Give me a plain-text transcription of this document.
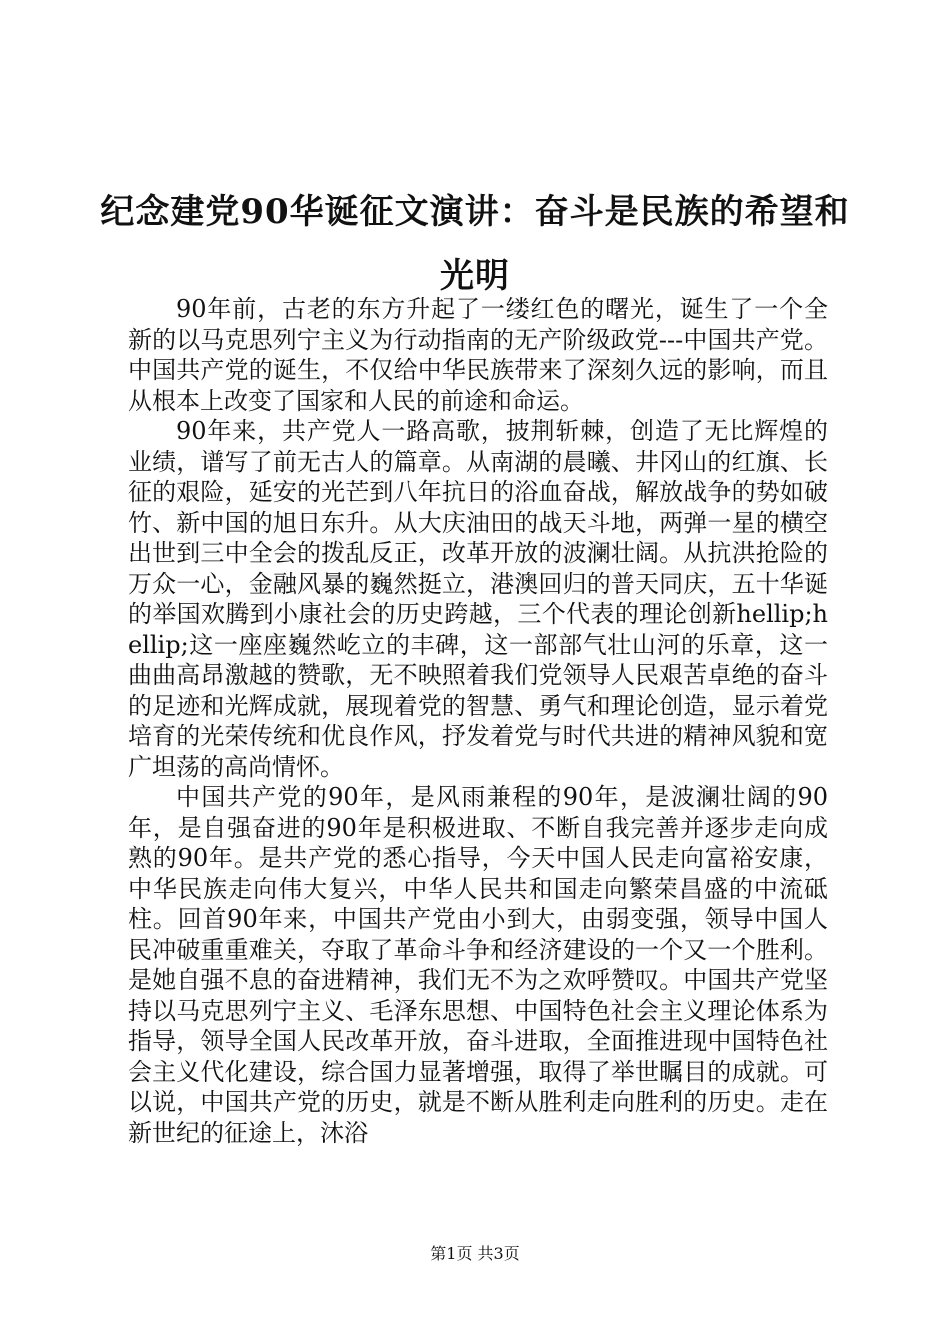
纪念建党90华诞征文演讲：奋斗是民族的希望和光明

90年前，古老的东方升起了一缕红色的曙光，诞生了一个全新的以马克思列宁主义为行动指南的无产阶级政党---中国共产党。中国共产党的诞生，不仅给中华民族带来了深刻久远的影响，而且从根本上改变了国家和人民的前途和命运。

90年来，共产党人一路高歌，披荆斩棘，创造了无比辉煌的业绩，谱写了前无古人的篇章。从南湖的晨曦、井冈山的红旗、长征的艰险，延安的光芒到八年抗日的浴血奋战，解放战争的势如破竹、新中国的旭日东升。从大庆油田的战天斗地，两弹一星的横空出世到三中全会的拨乱反正，改革开放的波澜壮阔。从抗洪抢险的万众一心，金融风暴的巍然挺立，港澳回归的普天同庆，五十华诞的举国欢腾到小康社会的历史跨越，三个代表的理论创新hellip;hellip;这一座座巍然屹立的丰碑，这一部部气壮山河的乐章，这一曲曲高昂激越的赞歌，无不映照着我们党领导人民艰苦卓绝的奋斗的足迹和光辉成就，展现着党的智慧、勇气和理论创造，显示着党培育的光荣传统和优良作风，抒发着党与时代共进的精神风貌和宽广坦荡的高尚情怀。

中国共产党的90年，是风雨兼程的90年，是波澜壮阔的90年，是自强奋进的90年是积极进取、不断自我完善并逐步走向成熟的90年。是共产党的悉心指导，今天中国人民走向富裕安康，中华民族走向伟大复兴，中华人民共和国走向繁荣昌盛的中流砥柱。回首90年来，中国共产党由小到大，由弱变强，领导中国人民冲破重重难关，夺取了革命斗争和经济建设的一个又一个胜利。是她自强不息的奋进精神，我们无不为之欢呼赞叹。中国共产党坚持以马克思列宁主义、毛泽东思想、中国特色社会主义理论体系为指导，领导全国人民改革开放，奋斗进取，全面推进现中国特色社会主义代化建设，综合国力显著增强，取得了举世瞩目的成就。可以说，中国共产党的历史，就是不断从胜利走向胜利的历史。走在新世纪的征途上，沐浴

第1页 共3页
